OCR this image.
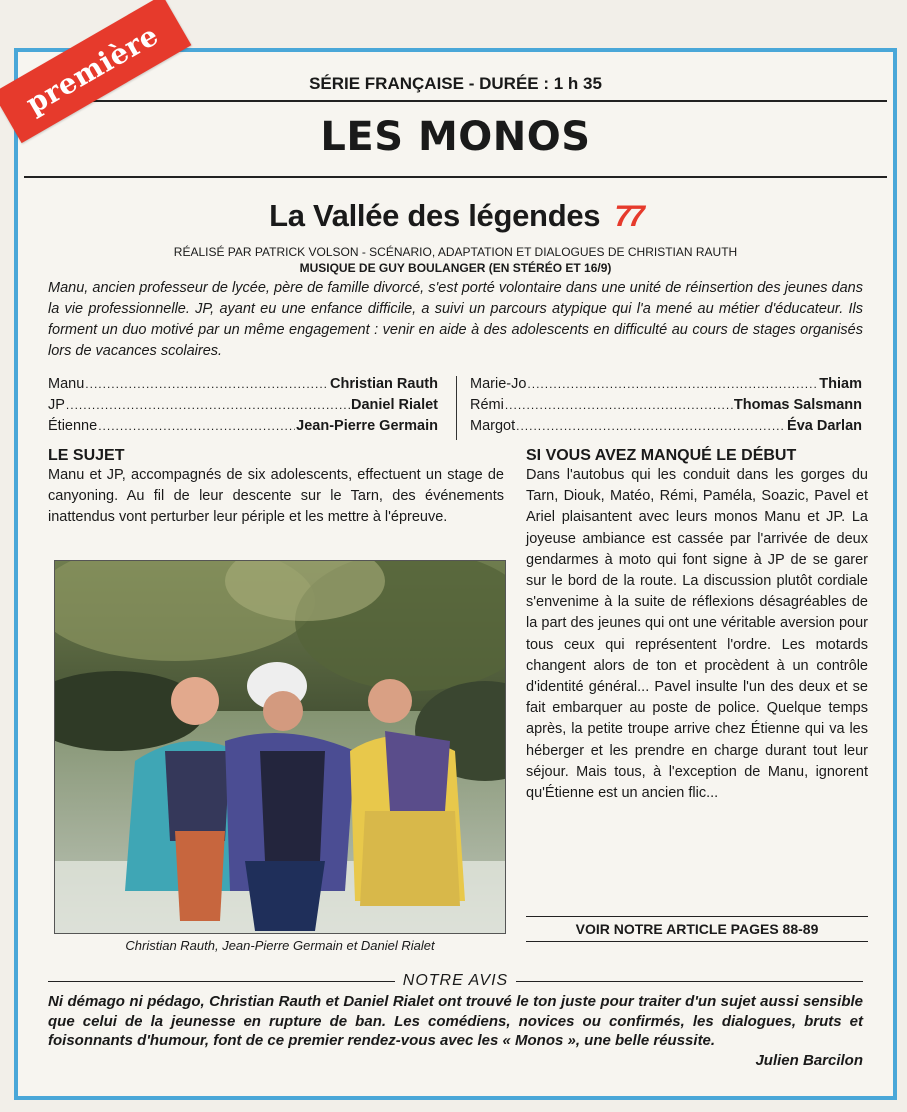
première	SÉRIE FRANÇAISE - DURÉE : 1 h 35
LES MONOS
La Vallée des légendes 77
RÉALISÉ PAR PATRICK VOLSON - SCÉNARIO, ADAPTATION ET DIALOGUES DE CHRISTIAN RAUTH
MUSIQUE DE GUY BOULANGER (EN STÉRÉO ET 16/9)

Manu, ancien professeur de lycée, père de famille divorcé, s'est porté volontaire dans une unité de réinsertion des jeunes dans la vie professionnelle. JP, ayant eu une enfance difficile, a suivi un parcours atypique qui l'a mené au métier d'éducateur. Ils forment un duo motivé par un même engagement : venir en aide à des adolescents en difficulté au cours de stages organisés lors de vacances scolaires.

Manu .....	Christian Rauth
JP .....	Daniel Rialet
Étienne .....	Jean-Pierre Germain
Marie-Jo .....	Thiam
Rémi .....	Thomas Salsmann
Margot .....	Éva Darlan
LE SUJET

Manu et JP, accompagnés de six adolescents, effectuent un stage de canyoning. Au fil de leur descente sur le Tarn, des événements inattendus vont perturber leur périple et les mettre à l'épreuve.

Christian Rauth, Jean-Pierre Germain et Daniel Rialet
SI VOUS AVEZ MANQUÉ LE DÉBUT

Dans l'autobus qui les conduit dans les gorges du Tarn, Diouk, Matéo, Rémi, Paméla, Soazic, Pavel et Ariel plaisantent avec leurs monos Manu et JP. La joyeuse ambiance est cassée par l'arrivée de deux gendarmes à moto qui font signe à JP de se garer sur le bord de la route. La discussion plutôt cordiale s'envenime à la suite de réflexions désagréables de la part des jeunes qui ont une véritable aversion pour tous ceux qui représentent l'ordre. Les motards changent alors de ton et procèdent à un contrôle d'identité général... Pavel insulte l'un des deux et se fait embarquer au poste de police. Quelque temps après, la petite troupe arrive chez Étienne qui va les héberger et les prendre en charge durant tout leur séjour. Mais tous, à l'exception de Manu, ignorent qu'Étienne est un ancien flic...

VOIR NOTRE ARTICLE PAGES 88-89
NOTRE AVIS

Ni démago ni pédago, Christian Rauth et Daniel Rialet ont trouvé le ton juste pour traiter d'un sujet aussi sensible que celui de la jeunesse en rupture de ban. Les comédiens, novices ou confirmés, les dialogues, bruts et foisonnants d'humour, font de ce premier rendez-vous avec les « Monos », une belle réussite.

Julien Barcilon
